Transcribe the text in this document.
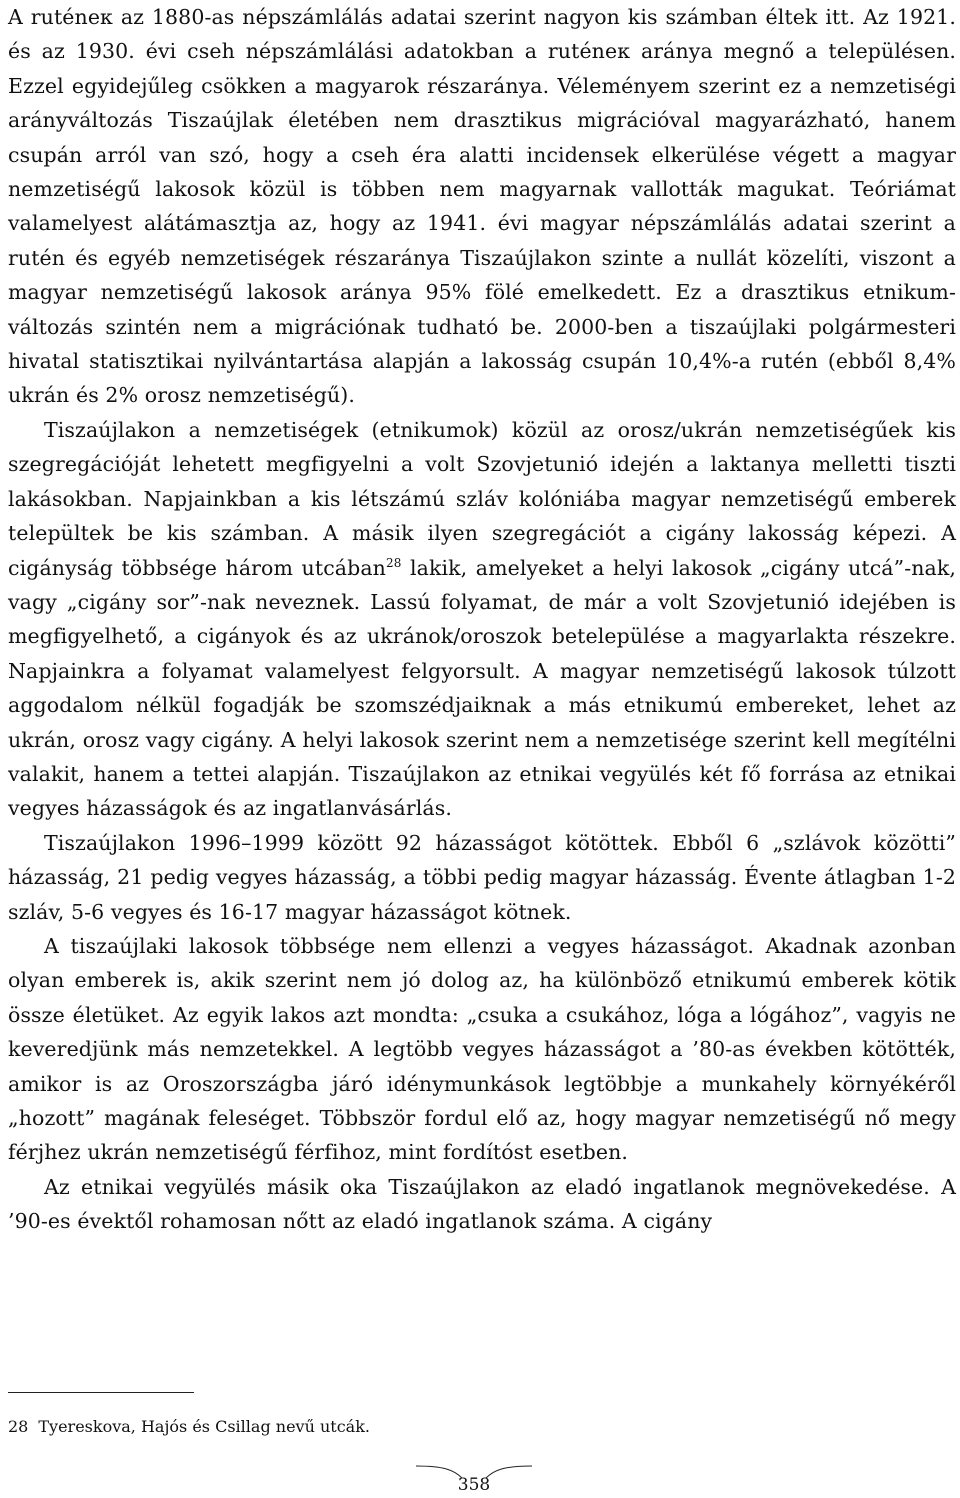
A ruténeк az 1880-as népszámlálás adatai szerint nagyon kis számban éltek itt. Az 1921. és az 1930. évi cseh népszámlálási adatokban a ruténeк aránya megnő a településen. Ezzel egyidejűleg csökken a magyarok részaránya. Véleményem szerint ez a nemzetiségi arányváltozás Tiszaújlak életében nem drasztikus migrációval magyarázható, hanem csupán arról van szó, hogy a cseh éra alatti incidensek elkerülése végett a magyar nemzetiségű lakosok közül is többen nem magyarnak vallották magukat. Teóriámat valamelyest alátámasztja az, hogy az 1941. évi magyar népszámlálás adatai szerint a rutén és egyéb nemzetiségek részaránya Tiszaújlakon szinte a nullát közelíti, viszont a magyar nemzetiségű lakosok aránya 95% fölé emelkedett. Ez a drasztikus etnikum-változás szintén nem a migrációnak tudható be. 2000-ben a tiszaújlaki polgármesteri hivatal statisztikai nyilvántartása alapján a lakosság csupán 10,4%-a rutén (ebből 8,4% ukrán és 2% orosz nemzetiségű).

Tiszaújlakon a nemzetiségek (etnikumok) közül az orosz/ukrán nemzetiségűek kis szegregációját lehetett megfigyelni a volt Szovjetunió idején a laktanya melletti tiszti lakásokban. Napjainkban a kis létszámú szláv kolóniába magyar nemzetiségű emberek települtek be kis számban. A másik ilyen szegregációt a cigány lakosság képezi. A cigányság többsége három utcában$^{28}$ lakik, amelyeket a helyi lakosok „cigány utcá”-nak, vagy „cigány sor”-nak neveznek. Lassú folyamat, de már a volt Szovjetunió idejében is megfigyelhető, a cigányok és az ukránok/oroszok betelepülése a magyarlakta részekre. Napjainkra a folyamat valamelyest felgyorsult. A magyar nemzetiségű lakosok túlzott aggodalom nélkül fogadják be szomszédjaiknak a más etnikumú embereket, lehet az ukrán, orosz vagy cigány. A helyi lakosok szerint nem a nemzetisége szerint kell megítélni valakit, hanem a tettei alapján. Tiszaújlakon az etnikai vegyülés két fő forrása az etnikai vegyes házasságok és az ingatlanvásárlás.

Tiszaújlakon 1996–1999 között 92 házasságot kötöttek. Ebből 6 „szlávok közötti” házasság, 21 pedig vegyes házasság, a többi pedig magyar házasság. Évente átlagban 1-2 szláv, 5-6 vegyes és 16-17 magyar házasságot kötnek.

A tiszaújlaki lakosok többsége nem ellenzi a vegyes házasságot. Akadnak azonban olyan emberek is, akik szerint nem jó dolog az, ha különböző etnikumú emberek kötik össze életüket. Az egyik lakos azt mondta: „csuka a csukához, lóga a lógához”, vagyis ne keveredjünk más nemzetekkel. A legtöbb vegyes házasságot a ’80-as években kötötték, amikor is az Oroszországba járó idénymunkások legtöbbje a munkahely környékéről „hozott” magának feleséget. Többször fordul elő az, hogy magyar nemzetiségű nő megy férjhez ukrán nemzetiségű férfihoz, mint fordítóst esetben.

Az etnikai vegyülés másik oka Tiszaújlakon az eladó ingatlanok megnövekedése. A ’90-es évektől rohamosan nőtt az eladó ingatlanok száma. A cigány

28 Tyereskova, Hajós és Csillag nevű utcák.
358
